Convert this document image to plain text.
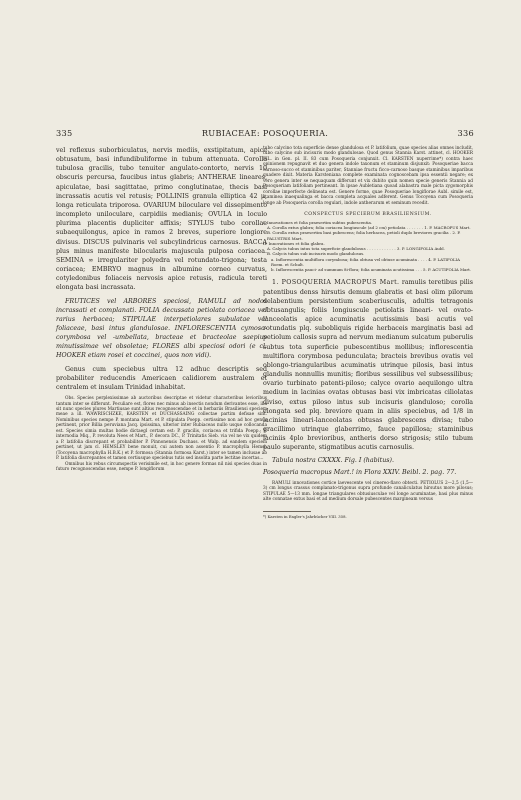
335	RUBIACEAE: POSOQUERIA.	336

vel reflexus suborbiculatus, nervis mediis, exstipitatum, apice obtusatum, basi infundibuliforme in tubum attenuata. Corolla tubulosa gracilis, tubo tenuiter angulato-contorto, nervis 10 obscuris percursa, faucibus intus glabris; ANTHERAE lineares, apiculatae, basi sagittatae, primo conglutinatae, thecis basi incrassatis acutis vel retusis; POLLINIS granula elliptica 42 μ, longa reticulata triporosa. OVARIUM biloculare vel dissepimento incompleto uniloculare, carpidiis medianis; OVULA in loculo plurima placentis dupliciter affixis; STYLUS tubo corollae subaequilongus, apice in ramos 2 breves, superiore longiore divisus. DISCUS pulvinaris vel subcylindricus carnosus. BACCA plus minus manifeste bilocularis majuscula pulposa coriacea. SEMINA ∞ irregulariter polyedra vel rotundato-trigona; testa coriacea; EMBRYO magnus in albumine corneo curvatus, cotyledonibus foliaceis nervosis apice retusis, radicula tereti elongata basi incrassata.

FRUTICES vel ARBORES speciosi, RAMULI ad nodos incrassati et complanati. FOLIA decussata petiolata coriacea vel rarius herbacea; STIPULAE interpetiolares subulatae vel foliaceae, basi intus glandulosae. INFLORESCENTIA cymoso-corymbosa vel -umbellata, bracteae et bracteolae saepius minutissimae vel obsoletae; FLORES albi speciosi odori (e cl. HOOKER etiam rosei et coccinei, quos non vidi).

Genus cum speciebus ultra 12 adhuc descriptis sed probabiliter reducendis Americaen calidiorem australem et centralem et insulam Trinidad inhabitat.

Obs. Species perplexissimae ab auctoribus descriptae et videtur characteribus levioribus tantum inter se differunt. Peculiare est, flores nec minus ab insectis nondum derivantes esse, illa sit nunc species plures Martiusae sunt altius recognoscendae et in herbariis Brasiliensi speciem meae a ill. WAWRISCHZKE, KARSTEN et DUCHASSAING collectae partim defisae sint. Nominibus species nempe P. montana Mart. et P. stipulata Poepp. certissime non ad hoc genus pertinent, prior Billia peruviana Jacq. ipsissima, ulterior inter Rubiaceas nullo usque collocanda est. Species simia multas hodie dictaegl certam est: P. gracilis, coriacea et trifida Poepp.; P. internodia Miq., P. revoluta Nees et Mart., P. decora DC., P. Trinitatis Sieb. via vel ne vix quidem a P. latifolia discrepant et probabiliter P. Pinnonensis Duchass. et Walp. ad eandem speciem pertinet, ut jam cl. HEMSLEY bene monuit, cui autem non assentio P. macrophylla Hemsl. (Tocoyena macrophylla H.B.K.) et P. formosa (Stannia formosa Karst.) inter se tamen inclusae ab P. latifolia discrepantes et tamen certiusque speciebus tutis sed insolita parte lectitae incertas...

Omnibus his rebus circumspectis verisimile est, in hoc genere formas nil nisi species duas in futuro recognoscendas esse, nempe P. longiflorum

tubo calycino tota superficie dense glandulosa et P. latifolium, quae species alias omnes includit, tubo calycino sub incisuris modo glandulosae. Quod genus Stannia Karst. attinet, cl. HOOKER FIL. in Gen. pl. II. 83 cum Posoqueria conjunxit. Cl. KARSTEN nuperrime*) contra haec opinionem repugnavit et duo genera indole taxonum et staminum disjunxit: Posoqueriae bacca carnoso-succo et staminibus pariter, Stanniae fructu ficco-carnoso basque staminibus imparibus quadere dixit. Materia Karsteniana complete examinata cognoscebam ipsa essentii negare; ex vero genera inter se nequaquam differunt et vix dubito quin nomen specie generis Stannia ad Posoqueriam latifoliam pertineant. In ipsae Aubletiana quoad alabastra male picta zygomorphis corollae imperfecte delineata est. Genere forme, quae Posoqueriae longiflorae Aubl. simile est, staminea inaequalinga et bacca completa acquales adferent. Genus Tocoyena cum Posoqueria longe ab Posoqueria corolla regulari, indole antherarum et seminum recedit.

CONSPECTUS SPECIERUM BRASILIENSIUM.

I. Innovationes et folia praesertim subtus pubescentia.
A. Corolla extus glabra; folia coriacea longiuscule (ad 2 cm) petiolata . . . . . . . 1. P. MACROPUS Mart.
B. Corolla extus praesertim basi pubescens; folia herbacea, petioli duplo breviores gracilia . 2. P. PALUSTRIS Mart.
II. Innovationes et folia glabra.
A. Calycis tubus intus tota superficie glandulosus . . . . . . . . . . . . 3. P. LONGIFOLIA Aubl.
B. Calycis tubus sub incisuris modo glandulosus.
a. Inflorescentia multiflora corymbosa; folia obtusa vel obtuse acuminata . . . . 4. P. LATIFOLIA Roem. et Schult.
b. Inflorescentia pauci- ad summum 8i-flora; folia acuminata acutissima . . . 5. P. ACUTIFOLIA Mart.

1. POSOQUERIA MACROPUS Mart. ramulis teretibus pilis patentibus denss hirsutis demum glabratis et basi olim pilorum delabentium persistentium scaberiusculis, adultis tetragonis obtusangulis; foliis longiuscule petiolatis lineari- vel ovato-lanceolatis apice acuminatis acutissimis basi acutis vel rotundatis plq. subobliquis rigide herbaceis marginatis basi ad petiolum callosis supra ad nervum medianum sulcatum puberulis subtus tota superficie pubescentibus mollibus; inflorescentia multiflora corymbosa pedunculata; bracteis brevibus ovatis vel oblongo-triangularibus acuminatis utrinque pilosis, basi intus glandulis nonnullis munitis; floribus sessilibus vel subsessilibus; ovario turbinato patenti-piloso; calyce ovario aequilongo ultra medium in lacinias ovatas obtusas basi vix imbricatas ciliolatas diviso, extus piloso intus sub incisuris glanduloso; corolla elongata sed plq. breviore quam in aliis speciebus, ad 1/8 in lacinias lineari-lanceolatas obtusas glabrescens divisa; tubo gracillimo utrinque glaberrimo, fauce papillosa; staminibus laciniis 4plo brevioribus, antheris dorso strigosis; stilo tubum paulo superante, stigmatibus acutis carnosulis.

Tabula nostra CXXXX. Fig. I (habitus).

Posoqueria macropus Mart.! in Flora XXIV. Beibl. 2. pag. 77.

RAMULI innovationes cortice laevescente vel cinereo-flavo obtecti. PETIOLUS 2—2,5 (1,5—3) cm longus crassus complanato-trigonus supra profunde canaliculatus hirsutus more pilosus; STIPULAE 5—13 mm. longae triangulares obtusiusculae vel longe acuminatae, basi plus minus alte connatae extus basi et ad medium dorsale pubescentes margineam versus

*) Karsten in Engler's Jahrbücher VIII. 358.
